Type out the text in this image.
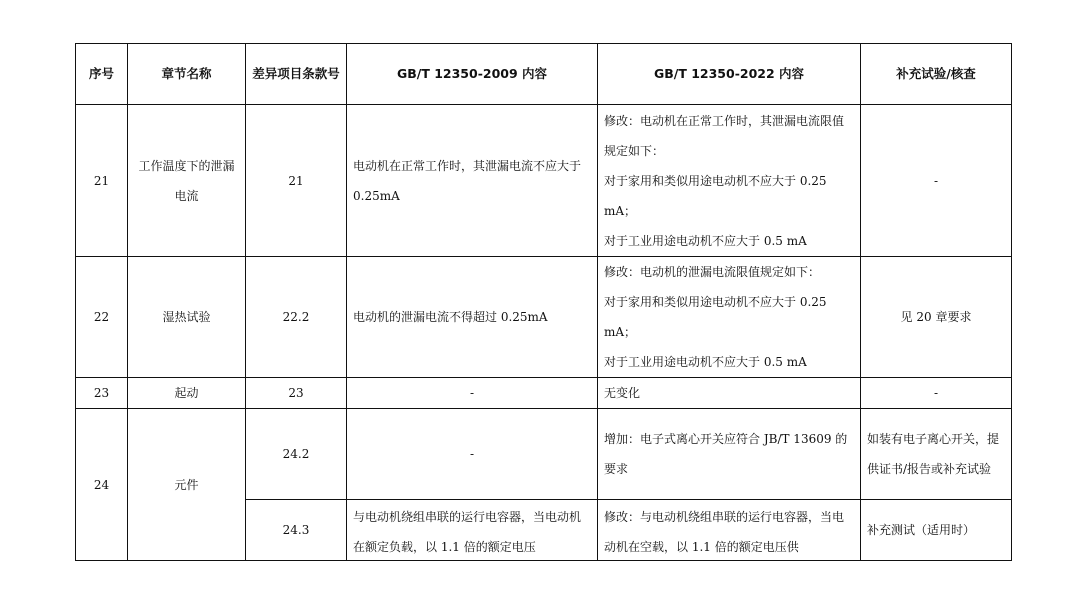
序号	章节名称	差异项目条款号	GB/T 12350-2009 内容	GB/T 12350-2022 内容	补充试验/核查
21	工作温度下的泄漏电流	21	电动机在正常工作时，其泄漏电流不应大于 0.25mA	修改：电动机在正常工作时，其泄漏电流限值规定如下：
对于家用和类似用途电动机不应大于 0.25 mA；
对于工业用途电动机不应大于 0.5 mA	-
22	湿热试验	22.2	电动机的泄漏电流不得超过 0.25mA	修改：电动机的泄漏电流限值规定如下：
对于家用和类似用途电动机不应大于 0.25 mA；
对于工业用途电动机不应大于 0.5 mA	见 20 章要求
23	起动	23	-	无变化	-
24	元件	24.2	-	增加：电子式离心开关应符合 JB/T 13609 的要求	如装有电子离心开关，提供证书/报告或补充试验
		24.3	与电动机绕组串联的运行电容器，当电动机在额定负载，以 1.1 倍的额定电压	修改：与电动机绕组串联的运行电容器，当电动机在空载，以 1.1 倍的额定电压供	补充测试（适用时）
